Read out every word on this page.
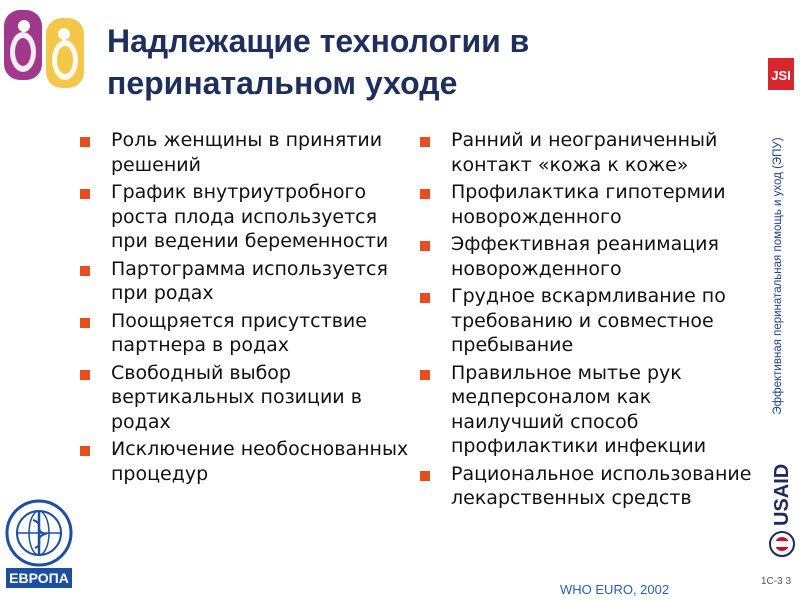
Надлежащие технологии в
перинатальном уходе	JSI
Роль женщины в принятии решений
График внутриутробного роста плода используется при ведении беременности
Партограмма используется при родах
Поощряется присутствие партнера в родах
Свободный выбор вертикальных позиции в родах
Исключение необоснованных процедур
Ранний и неограниченный контакт «кожа к коже»
Профилактика гипотермии новорожденного
Эффективная реанимация новорожденного
Грудное вскармливание по требованию и совместное пребывание
Правильное мытье рук медперсоналом как наилучший способ профилактики инфекции
Рациональное использование лекарственных средств
Эффективная перинатальная помощь и уход (ЭПУ)
USAID
ЕВРОПА
WHO EURO, 2002
1C-3 3
